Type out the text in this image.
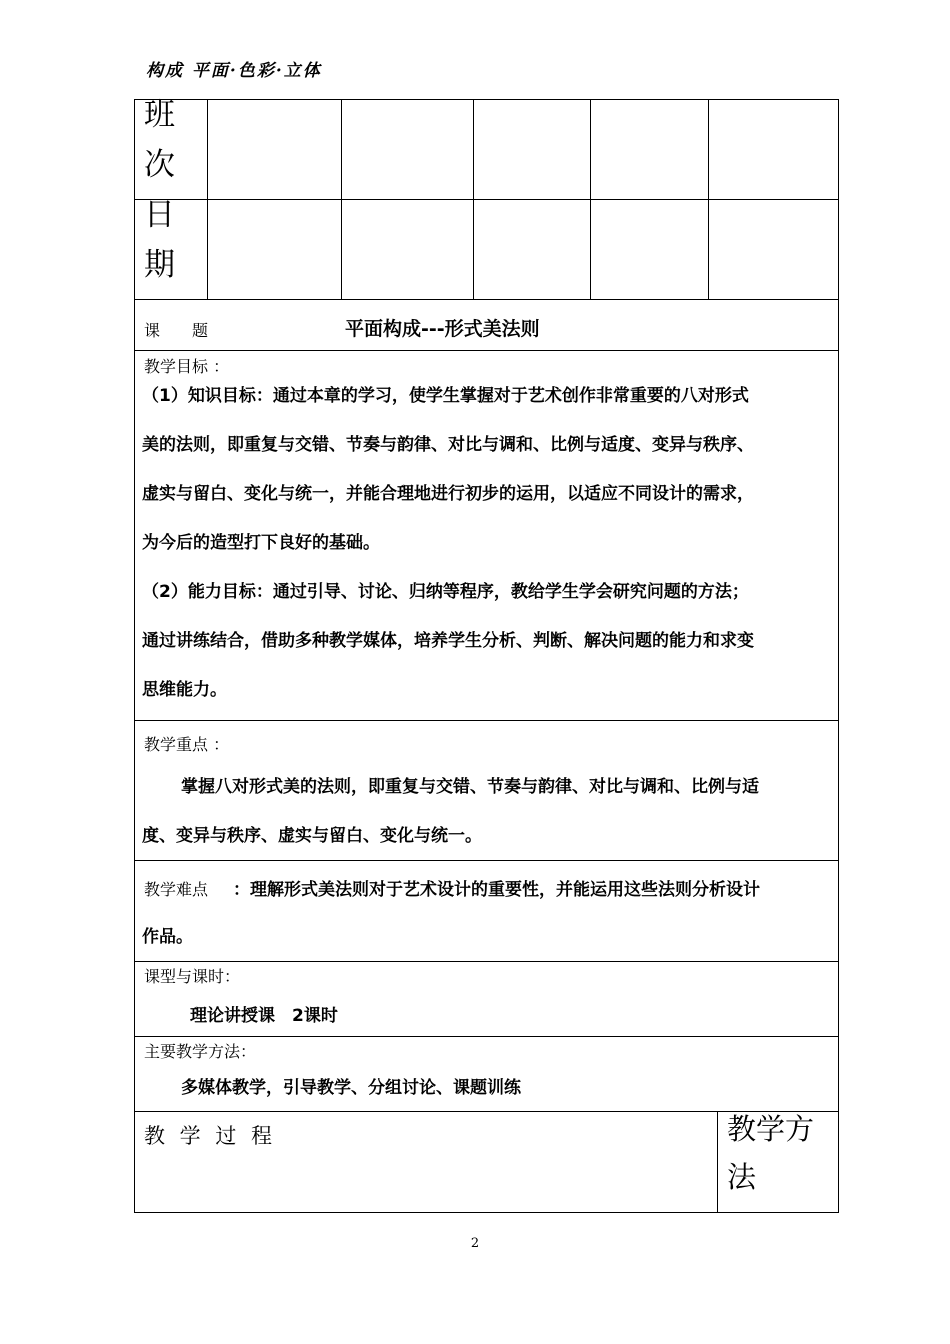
构成 平面·色彩·立体
班
次
日
期
课　　题	平面构成---形式美法则
教学目标 ：
（1）知识目标：通过本章的学习，使学生掌握对于艺术创作非常重要的八对形式
美的法则，即重复与交错、节奏与韵律、对比与调和、比例与适度、变异与秩序、
虚实与留白、变化与统一，并能合理地进行初步的运用，以适应不同设计的需求，
为今后的造型打下良好的基础。
（2）能力目标：通过引导、讨论、归纳等程序，教给学生学会研究问题的方法；
通过讲练结合，借助多种教学媒体，培养学生分析、判断、解决问题的能力和求变
思维能力。
教学重点 ：
掌握八对形式美的法则，即重复与交错、节奏与韵律、对比与调和、比例与适
度、变异与秩序、虚实与留白、变化与统一。
教学难点 ：理解形式美法则对于艺术设计的重要性，并能运用这些法则分析设计
作品。
课型与课时：
理论讲授课　2课时
主要教学方法：
多媒体教学，引导教学、分组讨论、课题训练
教 学 过 程	教学方
法
2
